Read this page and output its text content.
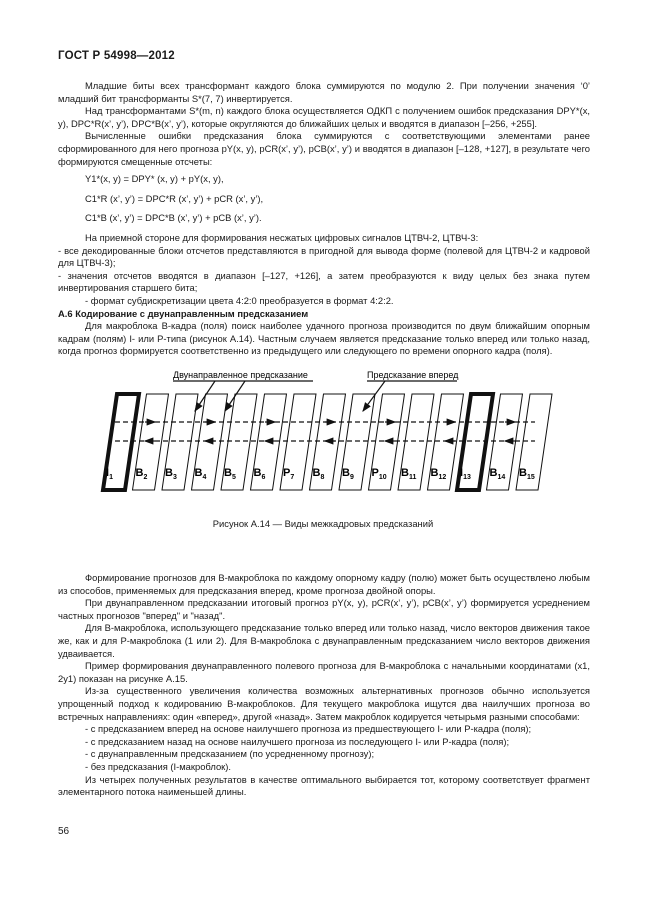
ГОСТ Р 54998—2012

Младшие биты всех трансформант каждого блока суммируются по модулю 2. При получении значения ‘0’ младший бит трансформанты S*(7, 7) инвертируется.

Над трансформантами S*(m, n) каждого блока осуществляется ОДКП с получением ошибок предсказания DPY*(x, y), DPC*R(x’, y’), DPC*B(x’, y’), которые округляются до ближайших целых и вводятся в диапазон [–256, +255].

Вычисленные ошибки предсказания блока суммируются с соответствующими элементами ранее сформированного для него прогноза pY(x, y), pCR(x’, y’), pCB(x’, y’) и вводятся в диапазон [–128, +127], в результате чего формируются смещенные отсчеты:

Y1*(x, y) = DPY* (x, y) + pY(x, y),
C1*R (x’, y’) = DPC*R (x’, y’) + pCR (x’, y’),
C1*B (x’, y’) = DPC*B (x’, y’) + pCB (x’, y’).

На приемной стороне для формирования несжатых цифровых сигналов ЦТВЧ-2, ЦТВЧ-3:

- все декодированные блоки отсчетов представляются в пригодной для вывода форме (полевой для ЦТВЧ-2 и кадровой для ЦТВЧ-3);

- значения отсчетов вводятся в диапазон [–127, +126], а затем преобразуются к виду целых без знака путем инвертирования старшего бита;

- формат субдискретизации цвета 4:2:0 преобразуется в формат 4:2:2.

А.6 Кодирование с двунаправленным предсказанием

Для макроблока B-кадра (поля) поиск наиболее удачного прогноза производится по двум ближайшим опорным кадрам (полям) I- или P-типа (рисунок А.14). Частным случаем является предсказание только вперед или только назад, когда прогноз формируется соответственно из предыдущего или следующего по времени опорного кадра (поля).

$I_1$ $B_2$ $B_3$ $B_4$ $B_5$ $B_6$ $P_7$ $B_8$ $B_9$ $P_{10}$ $B_{11}$ $B_{12}$ $I_{13}$ $B_{14}$ $B_{15}$
Двунаправленное предсказание	Предсказание вперед
Рисунок А.14 — Виды межкадровых предсказаний

Формирование прогнозов для B-макроблока по каждому опорному кадру (полю) может быть осуществлено любым из способов, применяемых для предсказания вперед, кроме прогноза двойной опоры.

При двунаправленном предсказании итоговый прогноз pY(x, y), pCR(x’, y’), pCB(x’, y’) формируется усреднением частных прогнозов "вперед" и "назад".

Для B-макроблока, использующего предсказание только вперед или только назад, число векторов движения такое же, как и для P-макроблока (1 или 2). Для B-макроблока с двунаправленным предсказанием число векторов движения удваивается.

Пример формирования двунаправленного полевого прогноза для B-макроблока с начальными координатами (x1, 2y1) показан на рисунке А.15.

Из-за существенного увеличения количества возможных альтернативных прогнозов обычно используется упрощенный подход к кодированию B-макроблоков. Для текущего макроблока ищутся два наилучших прогноза во встречных направлениях: один «вперед», другой «назад». Затем макроблок кодируется четырьмя разными способами:

- с предсказанием вперед на основе наилучшего прогноза из предшествующего I- или P-кадра (поля);

- с предсказанием назад на основе наилучшего прогноза из последующего I- или P-кадра (поля);

- с двунаправленным предсказанием (по усредненному прогнозу);

- без предсказания (I-макроблок).

Из четырех полученных результатов в качестве оптимального выбирается тот, которому соответствует фрагмент элементарного потока наименьшей длины.

56
